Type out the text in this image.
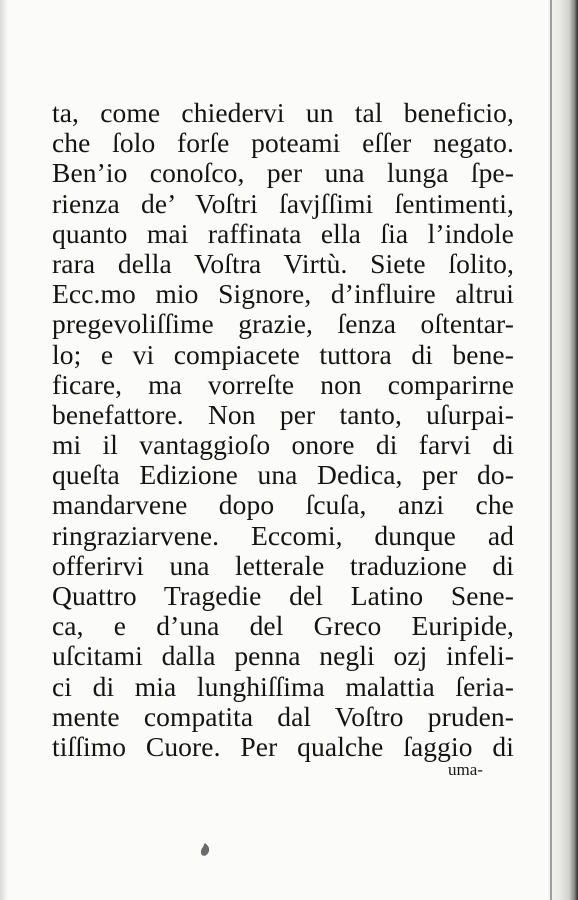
ta, come chiedervi un tal beneficio,
che ſolo forſe poteami eſſer negato.
Ben’io conoſco, per una lunga ſpe-
rienza de’ Voſtri ſavjſſimi ſentimenti,
quanto mai raffinata ella ſia l’indole
rara della Voſtra Virtù. Siete ſolito,
Ecc.mo mio Signore, d’influire altrui
pregevoliſſime grazie, ſenza oſtentar-
lo; e vi compiacete tuttora di bene-
ficare, ma vorreſte non comparirne
benefattore. Non per tanto, uſurpai-
mi il vantaggioſo onore di farvi di
queſta Edizione una Dedica, per do-
mandarvene dopo ſcuſa, anzi che
ringraziarvene. Eccomi, dunque ad
offerirvi una letterale traduzione di
Quattro Tragedie del Latino Sene-
ca, e d’una del Greco Euripide,
uſcitami dalla penna negli ozj infeli-
ci di mia lunghiſſima malattia ſeria-
mente compatita dal Voſtro pruden-
tiſſimo Cuore. Per qualche ſaggio di
uma-
